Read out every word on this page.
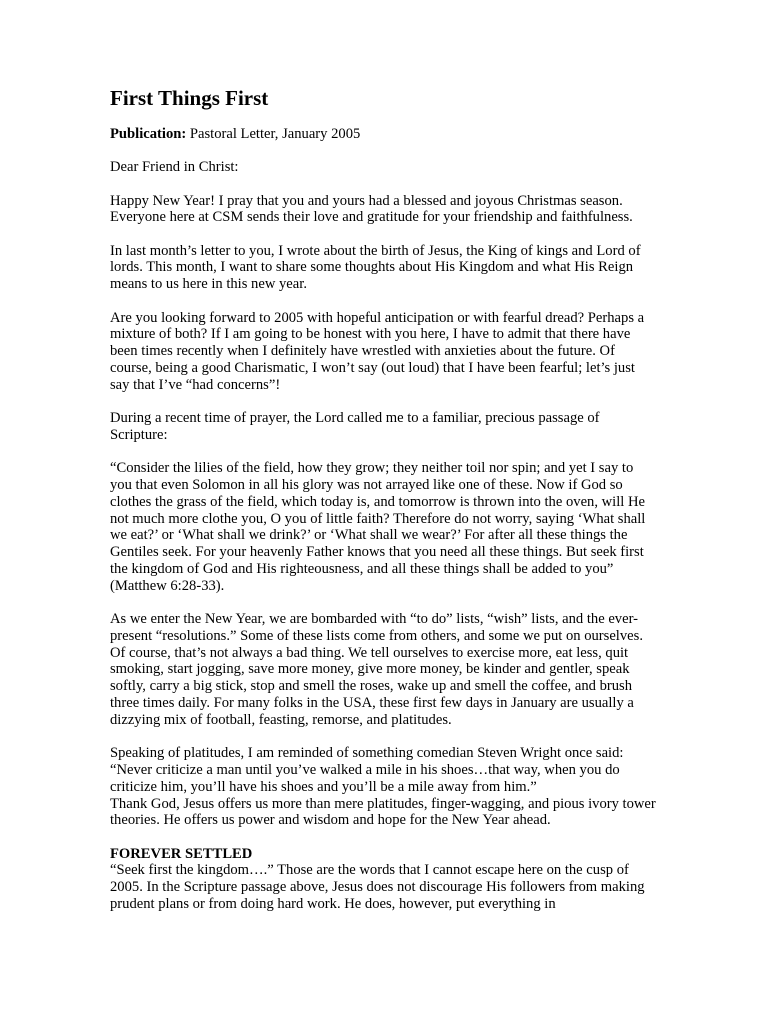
First Things First

Publication: Pastoral Letter, January 2005

Dear Friend in Christ:

Happy New Year! I pray that you and yours had a blessed and joyous Christmas season. Everyone here at CSM sends their love and gratitude for your friendship and faithfulness.

In last month’s letter to you, I wrote about the birth of Jesus, the King of kings and Lord of lords. This month, I want to share some thoughts about His Kingdom and what His Reign means to us here in this new year.

Are you looking forward to 2005 with hopeful anticipation or with fearful dread? Perhaps a mixture of both? If I am going to be honest with you here, I have to admit that there have been times recently when I definitely have wrestled with anxieties about the future. Of course, being a good Charismatic, I won’t say (out loud) that I have been fearful; let’s just say that I’ve “had concerns”!

During a recent time of prayer, the Lord called me to a familiar, precious passage of Scripture:

“Consider the lilies of the field, how they grow; they neither toil nor spin; and yet I say to you that even Solomon in all his glory was not arrayed like one of these. Now if God so clothes the grass of the field, which today is, and tomorrow is thrown into the oven, will He not much more clothe you, O you of little faith? Therefore do not worry, saying ‘What shall we eat?’ or ‘What shall we drink?’ or ‘What shall we wear?’ For after all these things the Gentiles seek. For your heavenly Father knows that you need all these things. But seek first the kingdom of God and His righteousness, and all these things shall be added to you” (Matthew 6:28-33).

As we enter the New Year, we are bombarded with “to do” lists, “wish” lists, and the ever-present “resolutions.” Some of these lists come from others, and some we put on ourselves. Of course, that’s not always a bad thing. We tell ourselves to exercise more, eat less, quit smoking, start jogging, save more money, give more money, be kinder and gentler, speak softly, carry a big stick, stop and smell the roses, wake up and smell the coffee, and brush three times daily. For many folks in the USA, these first few days in January are usually a dizzying mix of football, feasting, remorse, and platitudes.

Speaking of platitudes, I am reminded of something comedian Steven Wright once said: “Never criticize a man until you’ve walked a mile in his shoes…that way, when you do criticize him, you’ll have his shoes and you’ll be a mile away from him.”

Thank God, Jesus offers us more than mere platitudes, finger-wagging, and pious ivory tower theories. He offers us power and wisdom and hope for the New Year ahead.

FOREVER SETTLED

“Seek first the kingdom….” Those are the words that I cannot escape here on the cusp of 2005. In the Scripture passage above, Jesus does not discourage His followers from making prudent plans or from doing hard work. He does, however, put everything in
